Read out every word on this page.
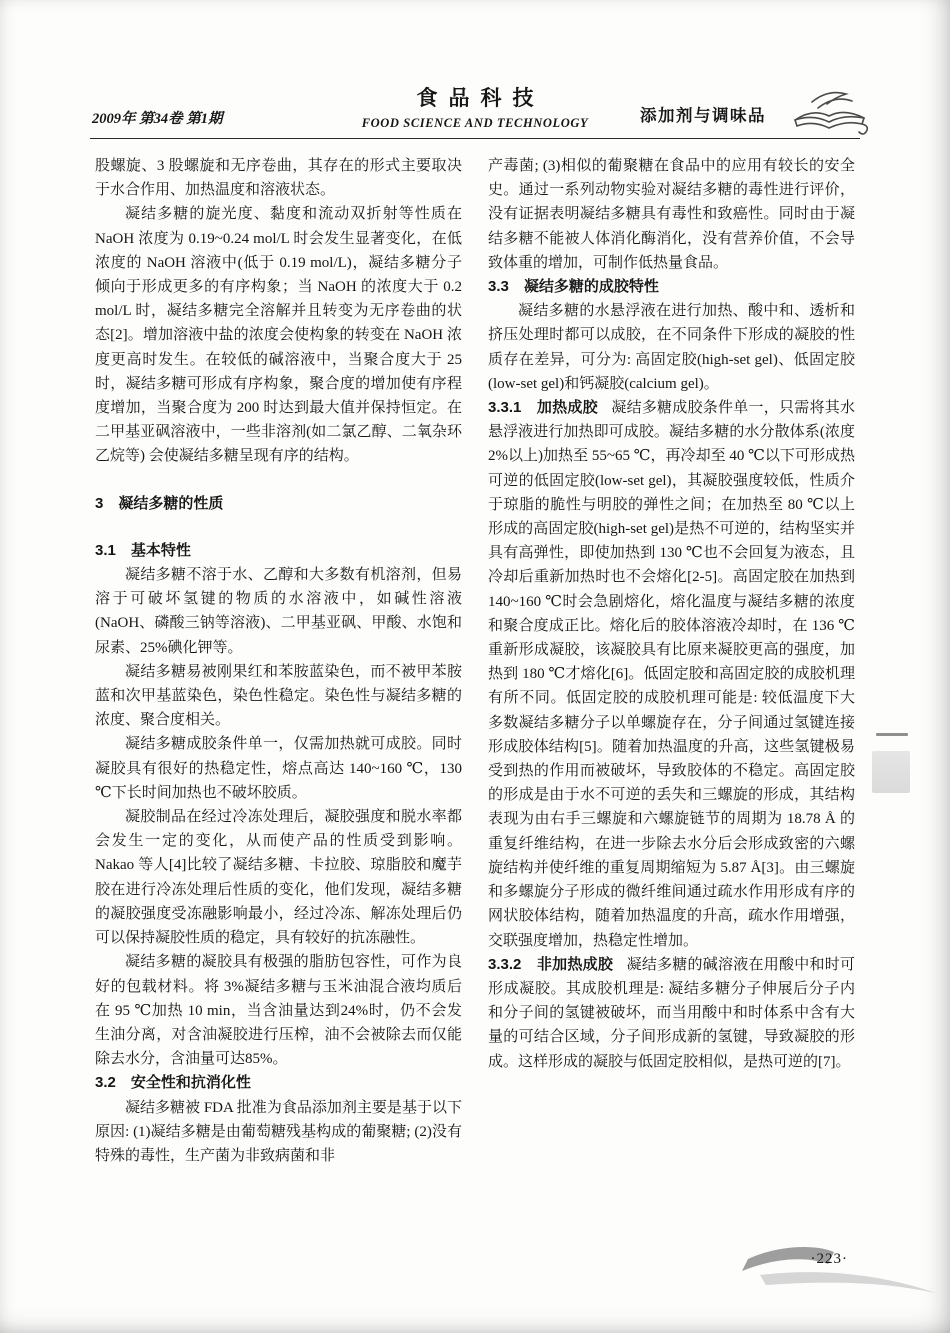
2009年 第34卷 第1期
食品科技
FOOD SCIENCE AND TECHNOLOGY	添加剂与调味品

股螺旋、3 股螺旋和无序卷曲，其存在的形式主要取决于水合作用、加热温度和溶液状态。

凝结多糖的旋光度、黏度和流动双折射等性质在 NaOH 浓度为 0.19~0.24 mol/L 时会发生显著变化，在低浓度的 NaOH 溶液中(低于 0.19 mol/L)，凝结多糖分子倾向于形成更多的有序构象；当 NaOH 的浓度大于 0.2 mol/L 时，凝结多糖完全溶解并且转变为无序卷曲的状态[2]。增加溶液中盐的浓度会使构象的转变在 NaOH 浓度更高时发生。在较低的碱溶液中，当聚合度大于 25 时，凝结多糖可形成有序构象，聚合度的增加使有序程度增加，当聚合度为 200 时达到最大值并保持恒定。在二甲基亚砜溶液中，一些非溶剂(如二氯乙醇、二氧杂环乙烷等) 会使凝结多糖呈现有序的结构。

3　凝结多糖的性质
3.1　基本特性

凝结多糖不溶于水、乙醇和大多数有机溶剂，但易溶于可破坏氢键的物质的水溶液中，如碱性溶液(NaOH、磷酸三钠等溶液)、二甲基亚砜、甲酸、水饱和尿素、25%碘化钾等。

凝结多糖易被刚果红和苯胺蓝染色，而不被甲苯胺蓝和次甲基蓝染色，染色性稳定。染色性与凝结多糖的浓度、聚合度相关。

凝结多糖成胶条件单一，仅需加热就可成胶。同时凝胶具有很好的热稳定性，熔点高达 140~160 ℃，130 ℃下长时间加热也不破坏胶质。

凝胶制品在经过冷冻处理后，凝胶强度和脱水率都会发生一定的变化，从而使产品的性质受到影响。Nakao 等人[4]比较了凝结多糖、卡拉胶、琼脂胶和魔芋胶在进行冷冻处理后性质的变化，他们发现，凝结多糖的凝胶强度受冻融影响最小，经过冷冻、解冻处理后仍可以保持凝胶性质的稳定，具有较好的抗冻融性。

凝结多糖的凝胶具有极强的脂肪包容性，可作为良好的包载材料。将 3%凝结多糖与玉米油混合液均质后在 95 ℃加热 10 min，当含油量达到24%时，仍不会发生油分离，对含油凝胶进行压榨，油不会被除去而仅能除去水分，含油量可达85%。

3.2　安全性和抗消化性

凝结多糖被 FDA 批准为食品添加剂主要是基于以下原因: (1)凝结多糖是由葡萄糖残基构成的葡聚糖; (2)没有特殊的毒性，生产菌为非致病菌和非

产毒菌; (3)相似的葡聚糖在食品中的应用有较长的安全史。通过一系列动物实验对凝结多糖的毒性进行评价，没有证据表明凝结多糖具有毒性和致癌性。同时由于凝结多糖不能被人体消化酶消化，没有营养价值，不会导致体重的增加，可制作低热量食品。

3.3　凝结多糖的成胶特性

凝结多糖的水悬浮液在进行加热、酸中和、透析和挤压处理时都可以成胶，在不同条件下形成的凝胶的性质存在差异，可分为: 高固定胶(high-set gel)、低固定胶(low-set gel)和钙凝胶(calcium gel)。

3.3.1　加热成胶 凝结多糖成胶条件单一，只需将其水悬浮液进行加热即可成胶。凝结多糖的水分散体系(浓度 2%以上)加热至 55~65 ℃，再冷却至 40 ℃以下可形成热可逆的低固定胶(low-set gel)，其凝胶强度较低，性质介于琼脂的脆性与明胶的弹性之间；在加热至 80 ℃以上形成的高固定胶(high-set gel)是热不可逆的，结构坚实并具有高弹性，即使加热到 130 ℃也不会回复为液态，且冷却后重新加热时也不会熔化[2-5]。高固定胶在加热到 140~160 ℃时会急剧熔化，熔化温度与凝结多糖的浓度和聚合度成正比。熔化后的胶体溶液冷却时，在 136 ℃重新形成凝胶，该凝胶具有比原来凝胶更高的强度，加热到 180 ℃才熔化[6]。低固定胶和高固定胶的成胶机理有所不同。低固定胶的成胶机理可能是: 较低温度下大多数凝结多糖分子以单螺旋存在，分子间通过氢键连接形成胶体结构[5]。随着加热温度的升高，这些氢键极易受到热的作用而被破坏，导致胶体的不稳定。高固定胶的形成是由于水不可逆的丢失和三螺旋的形成，其结构表现为由右手三螺旋和六螺旋链节的周期为 18.78 Å 的重复纤维结构，在进一步除去水分后会形成致密的六螺旋结构并使纤维的重复周期缩短为 5.87 Å[3]。由三螺旋和多螺旋分子形成的微纤维间通过疏水作用形成有序的网状胶体结构，随着加热温度的升高，疏水作用增强，交联强度增加，热稳定性增加。

3.3.2　非加热成胶 凝结多糖的碱溶液在用酸中和时可形成凝胶。其成胶机理是: 凝结多糖分子伸展后分子内和分子间的氢键被破坏，而当用酸中和时体系中含有大量的可结合区域，分子间形成新的氢键，导致凝胶的形成。这样形成的凝胶与低固定胶相似，是热可逆的[7]。

·223·
